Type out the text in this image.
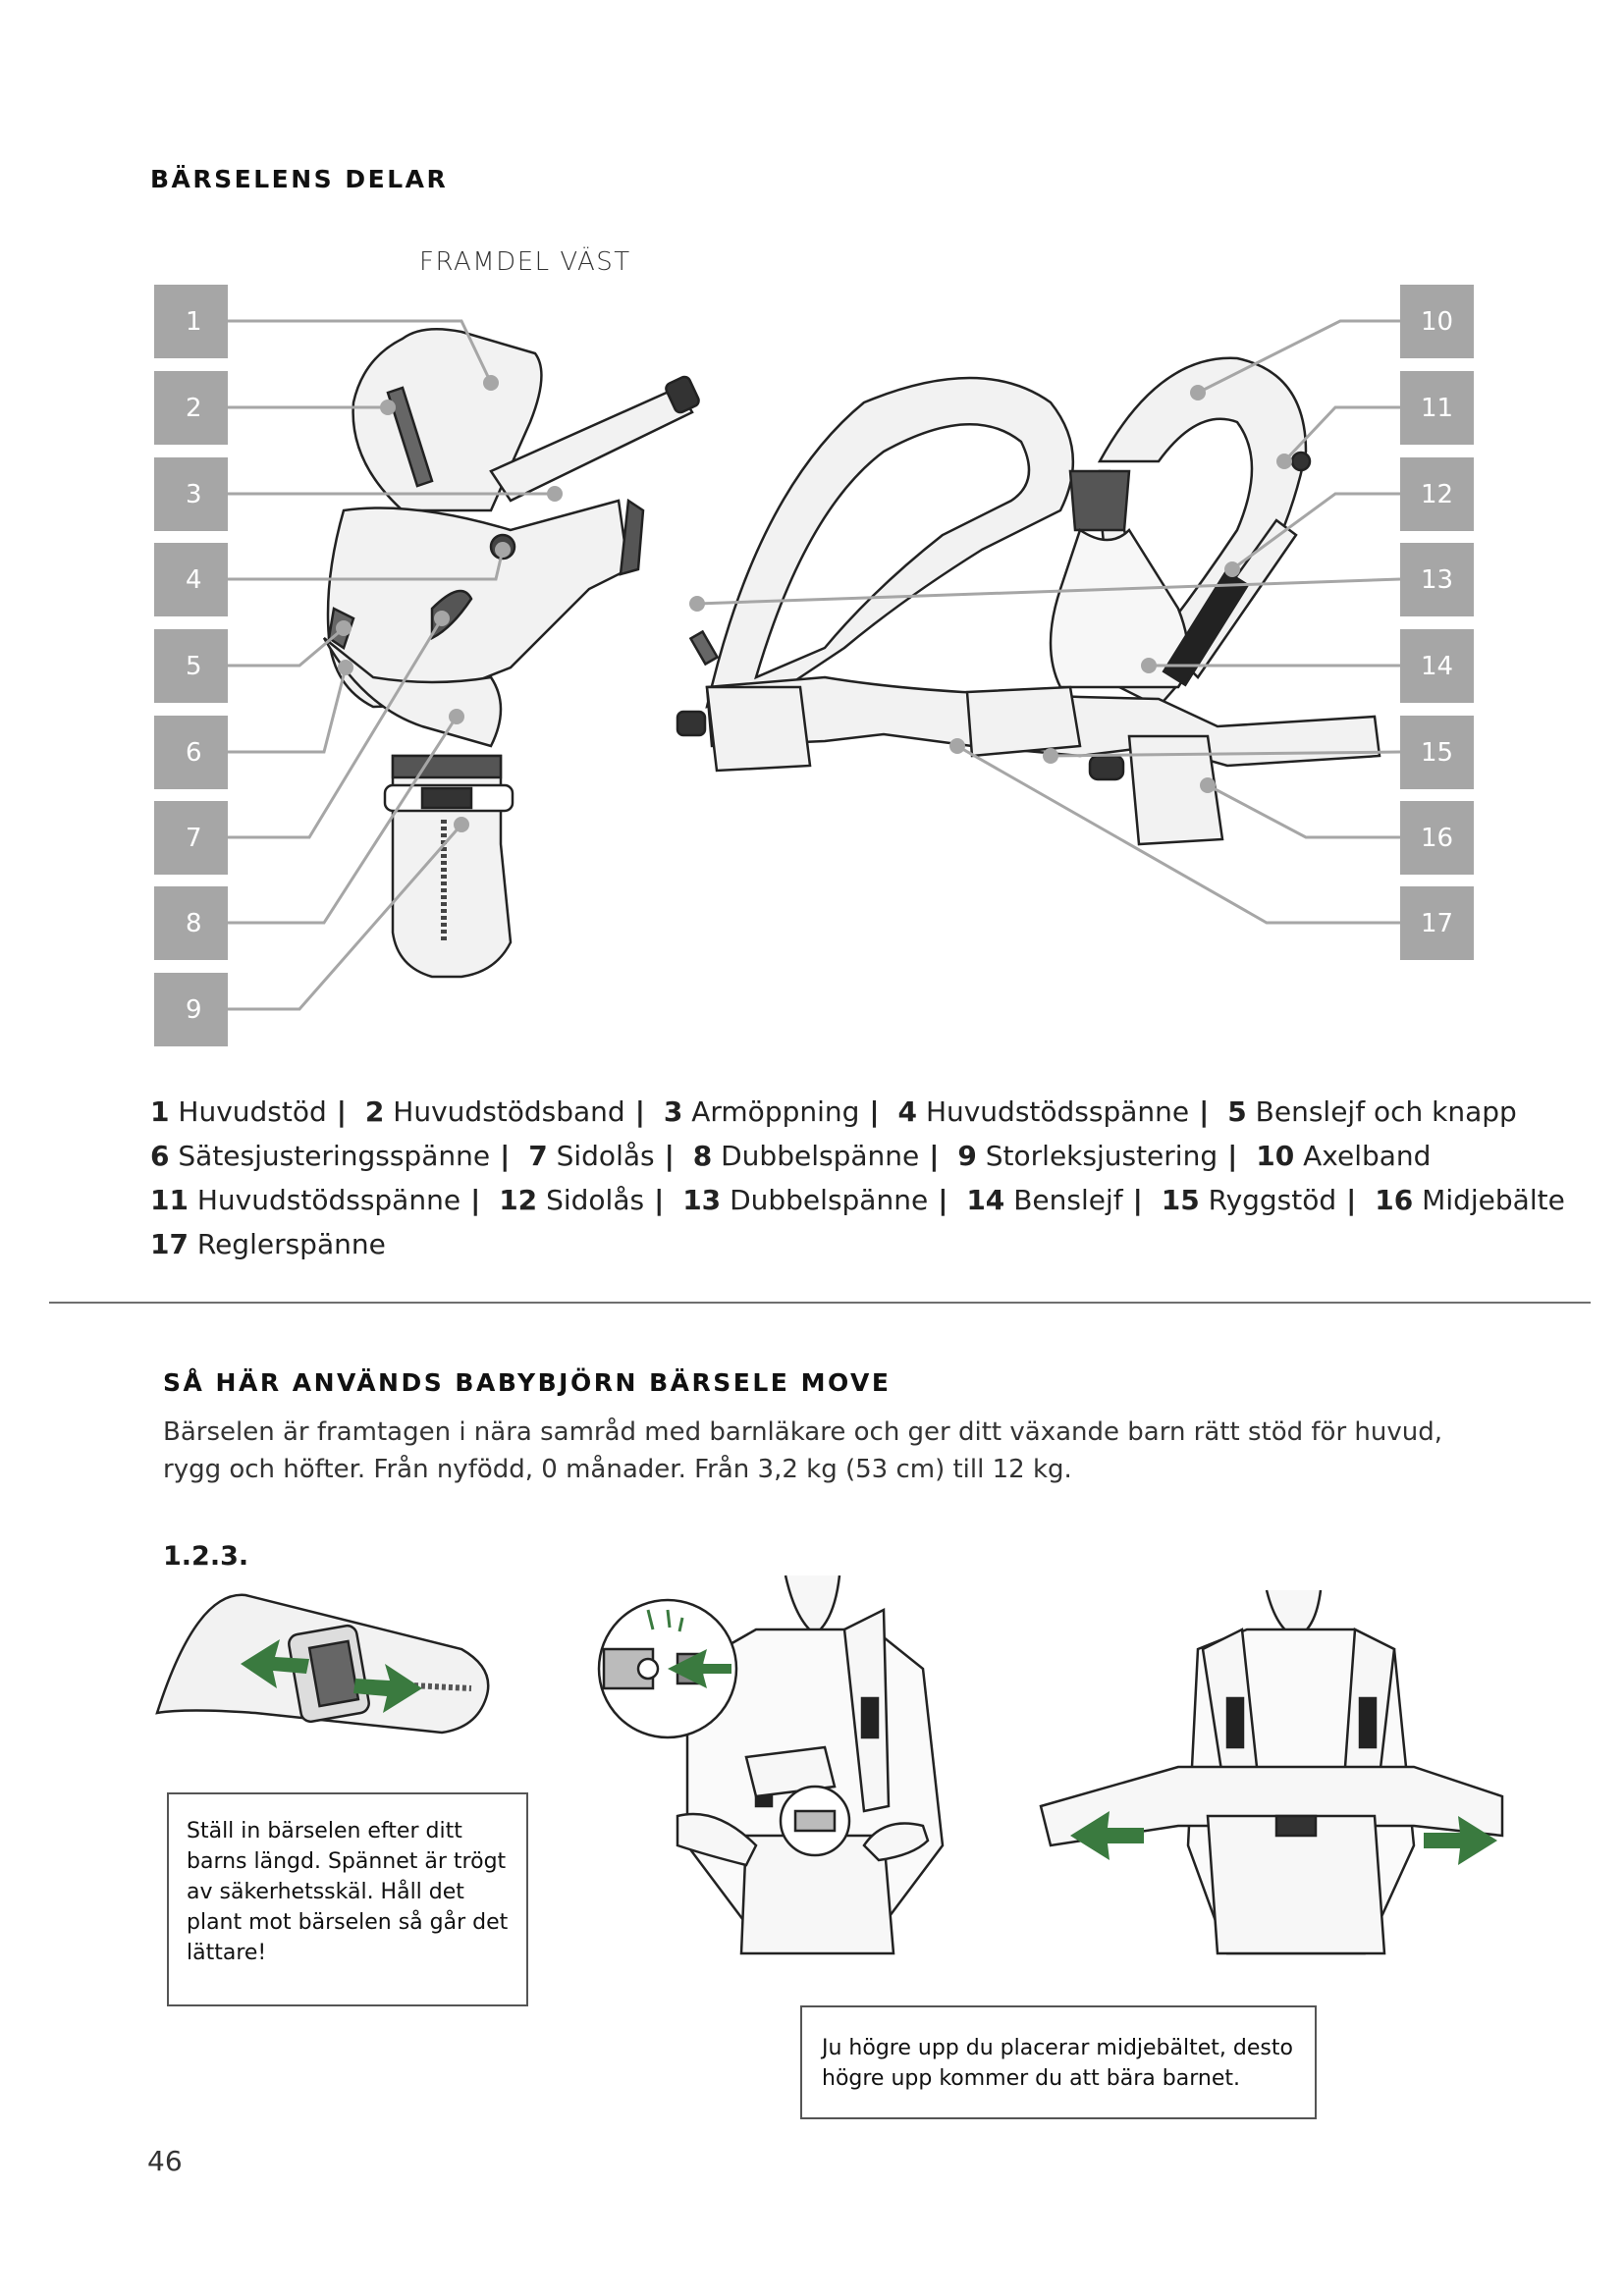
BÄRSELENS DELAR
FRAMDEL VÄST
1
2
3
4
5
6
7
8
9
10
11
12
13
14
15
16
17
1 Huvudstöd | 2 Huvudstödsband | 3 Armöppning | 4 Huvudstödsspänne | 5 Benslejf och knapp
6 Sätesjusteringsspänne | 7 Sidolås | 8 Dubbelspänne | 9 Storleksjustering | 10 Axelband
11 Huvudstödsspänne | 12 Sidolås | 13 Dubbelspänne | 14 Benslejf | 15 Ryggstöd | 16 Midjebälte
17 Reglerspänne
SÅ HÄR ANVÄNDS BABYBJÖRN BÄRSELE MOVE
Bärselen är framtagen i nära samråd med barnläkare och ger ditt växande barn rätt stöd för huvud, rygg och höfter. Från nyfödd, 0 månader. Från 3,2 kg (53 cm) till 12 kg.
1.2.3.
Ställ in bärselen efter ditt barns längd. Spännet är trögt av säkerhetsskäl. Håll det plant mot bärselen så går det lättare!
Ju högre upp du placerar midjebältet, desto högre upp kommer du att bära barnet.
46
